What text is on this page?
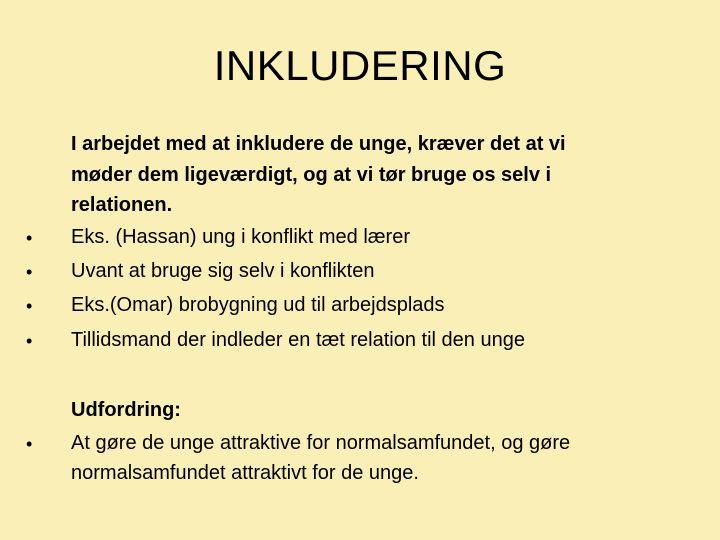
INKLUDERING
I arbejdet med at inkludere de unge, kræver det at vi
møder dem ligeværdigt, og at vi tør bruge os selv i
relationen.
• Eks. (Hassan) ung i konflikt med lærer
• Uvant at bruge sig selv i konflikten
• Eks.(Omar) brobygning ud til arbejdsplads
• Tillidsmand der indleder en tæt relation til den unge
Udfordring:
• At gøre de unge attraktive for normalsamfundet, og gøre
normalsamfundet attraktivt for de unge.
